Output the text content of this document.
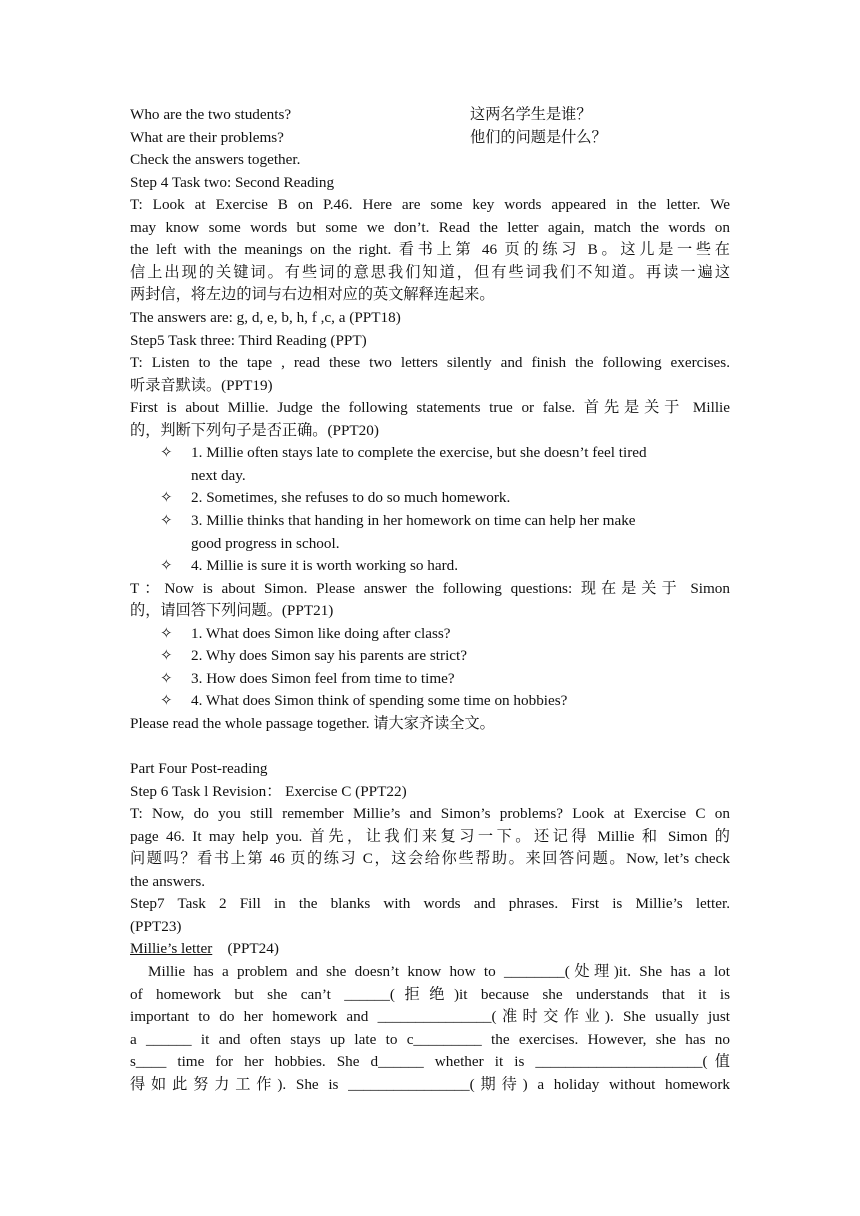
Who are the two students?	这两名学生是谁？
What are their problems?	他们的问题是什么？
Check the answers together.
Step 4 Task two: Second Reading
T: Look at Exercise B on P.46. Here are some key words appeared in the letter. We
may know some words but some we don’t. Read the letter again, match the words on
the left with the meanings on the right. 看书上第 46 页的练习 B。这儿是一些在
信上出现的关键词。有些词的意思我们知道，但有些词我们不知道。再读一遍这
两封信，将左边的词与右边相对应的英文解释连起来。
The answers are: g, d, e, b, h, f ,c, a (PPT18)
Step5 Task three: Third Reading (PPT)
T: Listen to the tape , read these two letters silently and finish the following exercises.
听录音默读。(PPT19)
First is about Millie. Judge the following statements true or false. 首先是关于 Millie
的，判断下列句子是否正确。(PPT20)
✧ 1. Millie often stays late to complete the exercise, but she doesn’t feel tired
next day.
✧ 2. Sometimes, she refuses to do so much homework.
✧ 3. Millie thinks that handing in her homework on time can help her make
good progress in school.
✧ 4. Millie is sure it is worth working so hard.
T：Now is about Simon. Please answer the following questions: 现在是关于 Simon
的，请回答下列问题。(PPT21)
✧ 1. What does Simon like doing after class?
✧ 2. Why does Simon say his parents are strict?
✧ 3. How does Simon feel from time to time?
✧ 4. What does Simon think of spending some time on hobbies?
Please read the whole passage together. 请大家齐读全文。
Part Four Post-reading
Step 6 Task l Revision： Exercise C (PPT22)
T: Now, do you still remember Millie’s and Simon’s problems? Look at Exercise C on
page 46. It may help you. 首先，让我们来复习一下。还记得 Millie 和 Simon 的
问题吗？看书上第 46 页的练习 C，这会给你些帮助。来回答问题。Now, let’s check
the answers.
Step7 Task 2 Fill in the blanks with words and phrases. First is Millie’s letter.
(PPT23)
Millie’s letter    (PPT24)
Millie has a problem and she doesn’t know how to ________(处理)it. She has a lot
of homework but she can’t ______(拒绝)it because she understands that it is
important to do her homework and _______________(准时交作业). She usually just
a ______ it and often stays up late to c_________ the exercises. However, she has no
s____ time for her hobbies. She d______ whether it is ______________________(值
得如此努力工作). She is ________________(期待) a holiday without homework
